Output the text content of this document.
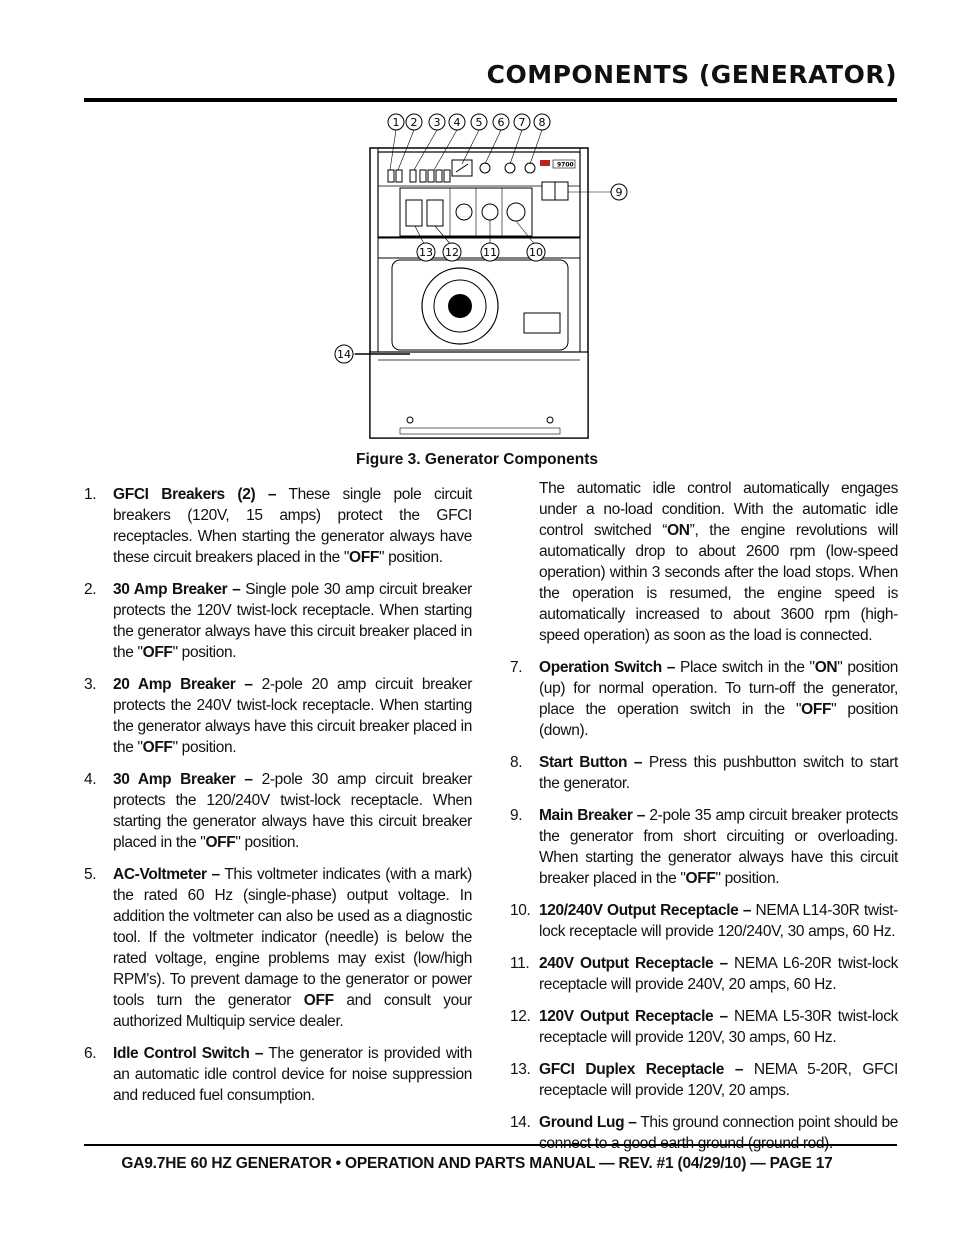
COMPONENTS (GENERATOR)
9700
1 2 3 4 5 6 7 8
9
10
11
12
13
14
Figure 3. Generator Components
1. GFCI Breakers (2) – These single pole circuit breakers (120V, 15 amps) protect the GFCI receptacles. When starting the generator always have these circuit breakers placed in the "OFF" position.
2. 30 Amp Breaker – Single pole 30 amp circuit breaker protects the 120V twist-lock receptacle. When starting the generator always have this circuit breaker placed in the "OFF" position.
3. 20 Amp Breaker – 2-pole 20 amp circuit breaker protects the 240V twist-lock receptacle. When starting the generator always have this circuit breaker placed in the "OFF" position.
4. 30 Amp Breaker – 2-pole 30 amp circuit breaker protects the 120/240V twist-lock receptacle. When starting the generator always have this circuit breaker placed in the "OFF" position.
5. AC-Voltmeter – This voltmeter indicates (with a mark) the rated 60 Hz (single-phase) output voltage. In addition the voltmeter can also be used as a diagnostic tool. If the voltmeter indicator (needle) is below the rated voltage, engine problems may exist (low/high RPM's). To prevent damage to the generator or power tools turn the generator OFF and consult your authorized Multiquip service dealer.
6. Idle Control Switch – The generator is provided with an automatic idle control device for noise suppression and reduced fuel consumption.
The automatic idle control automatically engages under a no-load condition. With the automatic idle control switched “ON”, the engine revolutions will automatically drop to about 2600 rpm (low-speed operation) within 3 seconds after the load stops. When the operation is resumed, the engine speed is automatically increased to about 3600 rpm (high-speed operation) as soon as the load is connected.
7. Operation Switch – Place switch in the "ON" position (up) for normal operation. To turn-off the generator, place the operation switch in the "OFF" position (down).
8. Start Button – Press this pushbutton switch to start the generator.
9. Main Breaker – 2-pole 35 amp circuit breaker protects the generator from short circuiting or overloading. When starting the generator always have this circuit breaker placed in the "OFF" position.
10. 120/240V Output Receptacle – NEMA L14-30R twist-lock receptacle will provide 120/240V, 30 amps, 60 Hz.
11. 240V Output Receptacle – NEMA L6-20R twist-lock receptacle will provide 240V, 20 amps, 60 Hz.
12. 120V Output Receptacle – NEMA L5-30R twist-lock receptacle will provide 120V, 30 amps, 60 Hz.
13. GFCI Duplex Receptacle – NEMA 5-20R, GFCI receptacle will provide 120V, 20 amps.
14. Ground Lug – This ground connection point should be
GA9.7HE 60 HZ GENERATOR • OPERATION AND PARTS MANUAL — REV. #1 (04/29/10) — PAGE 17
